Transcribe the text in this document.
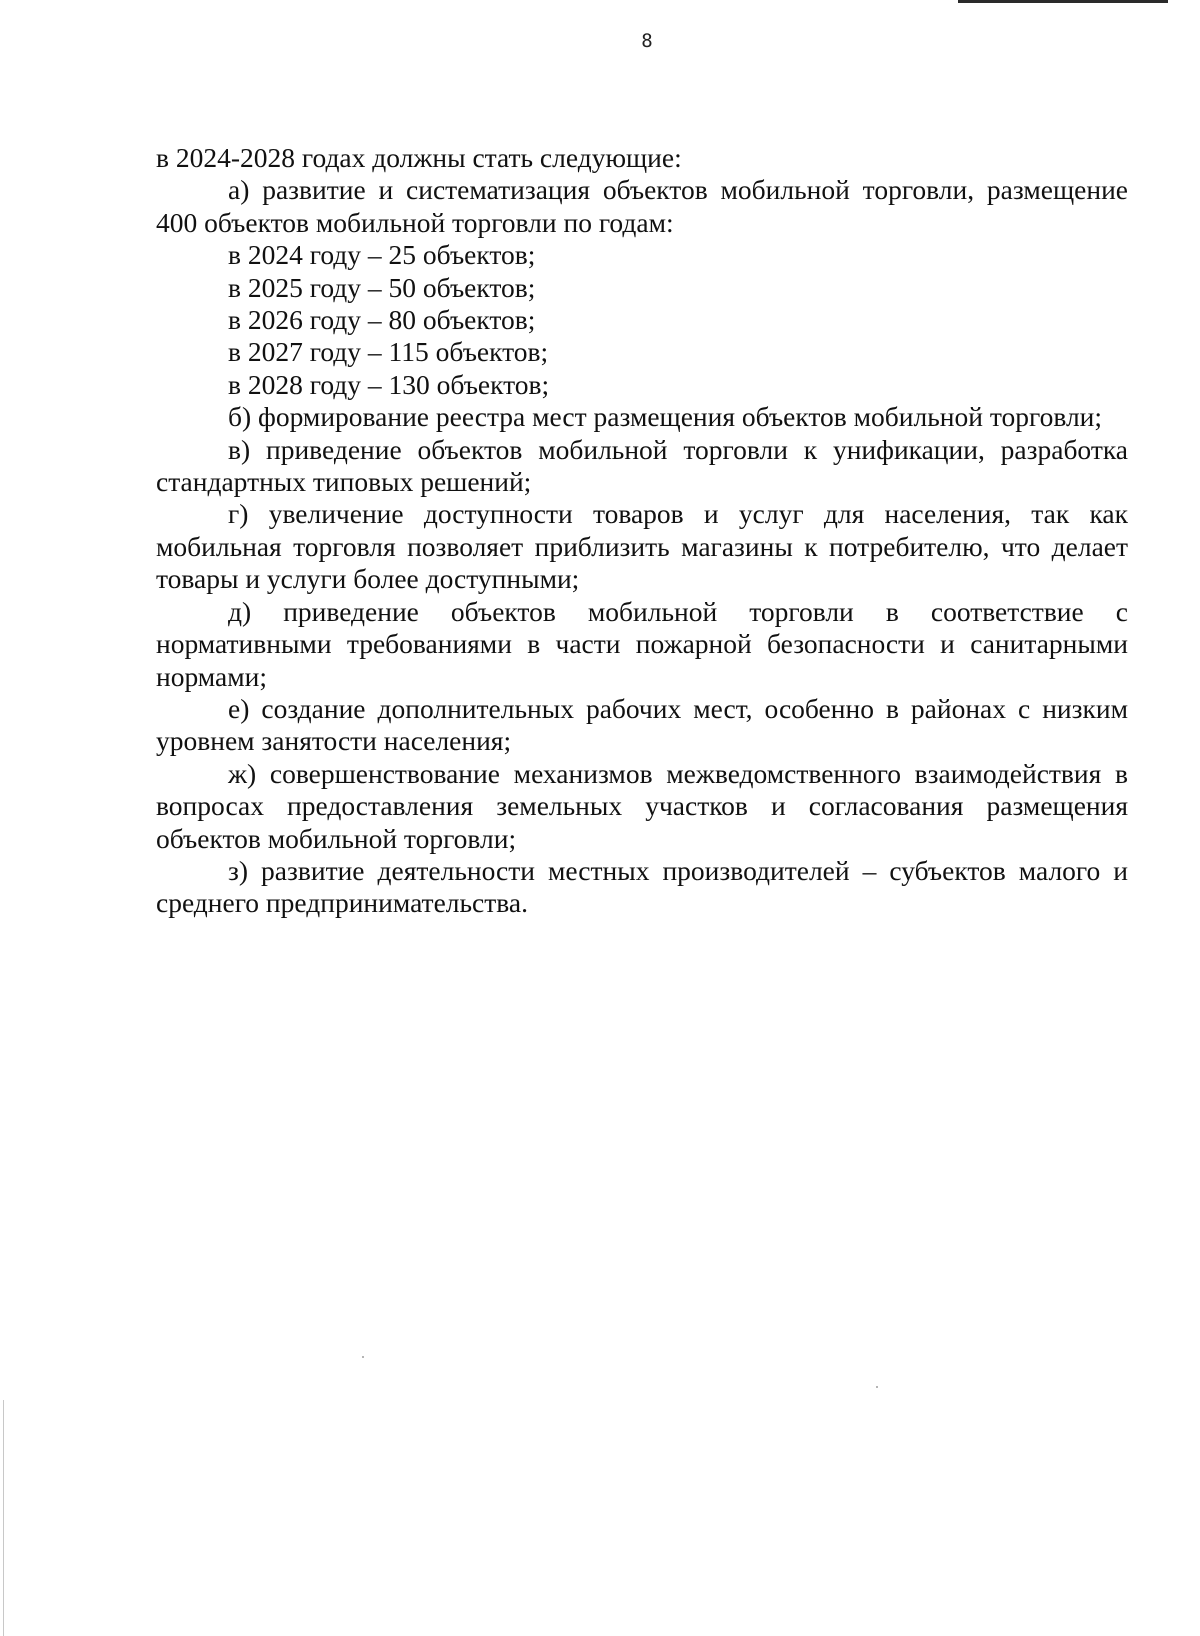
8

в 2024-2028 годах должны стать следующие:

а) развитие и систематизация объектов мобильной торговли, размещение 400 объектов мобильной торговли по годам:

в 2024 году – 25 объектов;

в 2025 году – 50 объектов;

в 2026 году – 80 объектов;

в 2027 году – 115 объектов;

в 2028 году – 130 объектов;

б) формирование реестра мест размещения объектов мобильной торговли;

в) приведение объектов мобильной торговли к унификации, разработка стандартных типовых решений;

г) увеличение доступности товаров и услуг для населения, так как мобильная торговля позволяет приблизить магазины к потребителю, что делает товары и услуги более доступными;

д) приведение объектов мобильной торговли в соответствие с нормативными требованиями в части пожарной безопасности и санитарными нормами;

е) создание дополнительных рабочих мест, особенно в районах с низким уровнем занятости населения;

ж) совершенствование механизмов межведомственного взаимодействия в вопросах предоставления земельных участков и согласования размещения объектов мобильной торговли;

з) развитие деятельности местных производителей – субъектов малого и среднего предпринимательства.
